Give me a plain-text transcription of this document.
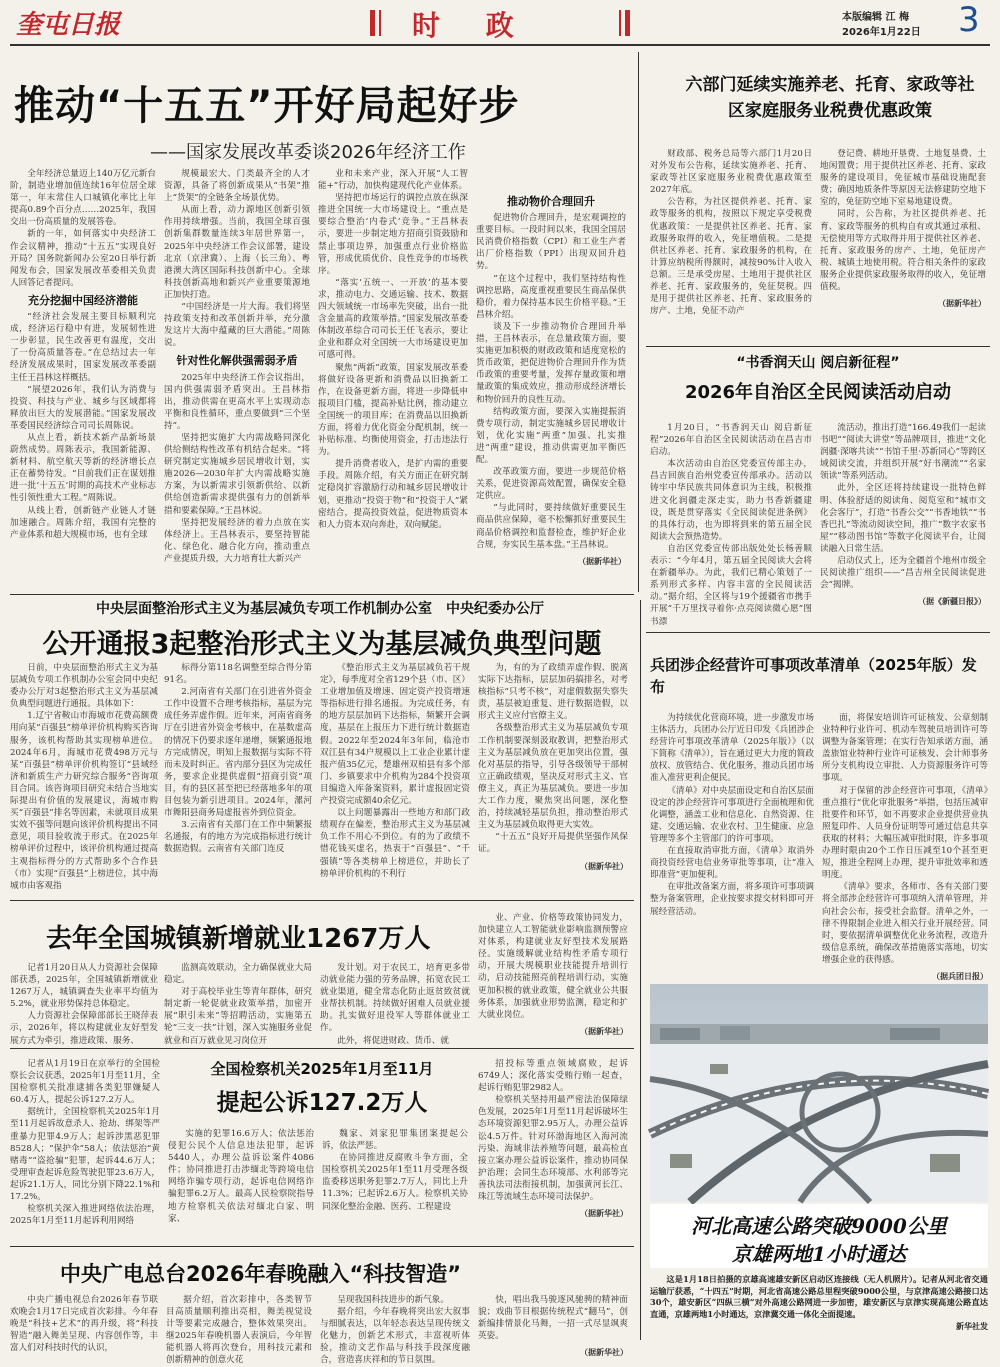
奎屯日报	时 政	本版编辑 江 梅
2026年1月22日 3
推动“十五五”开好局起好步
——国家发展改革委谈2026年经济工作

全年经济总量迈上140万亿元新台阶，制造业增加值连续16年位居全球第一，年末常住人口城镇化率比上年提高0.89个百分点……2025年，我国交出一份高质量的发展答卷。

新的一年，如何落实中央经济工作会议精神，推动“十五五”实现良好开局？国务院新闻办公室20日举行新闻发布会，国家发展改革委相关负责人回答记者提问。

充分挖掘中国经济潜能

“经济社会发展主要目标顺利完成，经济运行稳中有进，发展韧性进一步彰显，民生改善更有温度，交出了一份高质量答卷。”在总结过去一年经济发展成果时，国家发展改革委副主任王昌林这样概括。

“展望2026年，我们认为消费与投资、科技与产业、城乡与区域都将释放出巨大的发展潜能。”国家发展改革委国民经济综合司司长周陈说。

从点上看，新技术新产品新场景蔚然成势。周陈表示，我国新能源、新材料、航空航天等新的经济增长点正在蓄势待发。“目前我们正在谋划推进一批‘十五五’时期的高技术产业标志性引领性重大工程。”周陈说。

从线上看，创新链产业链人才链加速融合。周陈介绍，我国有完整的产业体系和超大规模市场，也有全球

规模最宏大、门类最齐全的人才资源，具备了将创新成果从“书架”推上“货架”的全链条全场景优势。

从面上看，动力源地区创新引领作用持续增强。当前，我国全球百强创新集群数量连续3年居世界第一，2025年中央经济工作会议部署，建设北京（京津冀）、上海（长三角）、粤港澳大湾区国际科技创新中心。全球科技创新高地和新兴产业重要策源地正加快打造。

“中国经济是一片大海。我们将坚持政策支持和改革创新并举，充分激发这片大海中蕴藏的巨大潜能。”周陈说。

针对性化解供强需弱矛盾

2025年中央经济工作会议指出，国内供强需弱矛盾突出。王昌林指出，推动供需在更高水平上实现动态平衡和良性循环，重点要做到“三个坚持”。

坚持把实施扩大内需战略同深化供给侧结构性改革有机结合起来。“将研究制定实施城乡居民增收计划，实施2026—2030年扩大内需战略实施方案，为以新需求引领新供给、以新供给创造新需求提供强有力的创新举措和要素保障。”王昌林说。

坚持把发展经济的着力点放在实体经济上。王昌林表示，要坚持智能化、绿色化、融合化方向，推动重点产业提质升级，大力培育壮大新兴产

业和未来产业，深入开展“人工智能+”行动，加快构建现代化产业体系。

坚持把市场运行的调控点放在纵深推进全国统一大市场建设上。“重点是要综合整治‘内卷式’竞争。”王昌林表示，要进一步制定地方招商引资鼓励和禁止事项边界，加强重点行业价格监管，形成优质优价、良性竞争的市场秩序。

“落实‘五统一、一开放’的基本要求，推动电力、交通运输、技术、数据四大领域统一市场率先突破，出台一批含金量高的政策举措。”国家发展改革委体制改革综合司司长王任飞表示，要让企业和群众对全国统一大市场建设更加可感可得。

聚焦“两新”政策，国家发展改革委将做好设备更新和消费品以旧换新工作，在设备更新方面，将进一步降低申报项目门槛，提高补贴比例，推动建立全国统一的项目库；在消费品以旧换新方面，将着力优化资金分配机制，统一补贴标准、均衡使用资金，打击违法行为。

提升消费者收入，是扩内需的重要手段。周陈介绍，有关方面正在研究制定稳岗扩容激励行动和城乡居民增收计划，更推动“投资于物”和“投资于人”紧密结合，提高投资效益，促进物质资本和人力资本双向奔赴，双向赋能。

推动物价合理回升

促进物价合理回升，是宏观调控的重要目标。一段时间以来，我国全国居民消费价格指数（CPI）和工业生产者出厂价格指数（PPI）出现双回升趋势。

“在这个过程中，我们坚持结构性调控思路，高度重视重要民生商品保供稳价，着力保持基本民生价格平稳。”王昌林介绍。

谈及下一步推动物价合理回升举措，王昌林表示，在总量政策方面，要实施更加积极的财政政策和适度宽松的货币政策，把促进物价合理回升作为货币政策的重要考量，发挥存量政策和增量政策的集成效应，推动形成经济增长和物价回升的良性互动。

结构政策方面，要深入实施提振消费专项行动，制定实施城乡居民增收计划，优化实施“两重”加强、扎实推进“两重”建设，推动供需更加平衡匹配。

改革政策方面，要进一步规范价格关系，促进资源高效配置，确保安全稳定供应。

“与此同时，要持续做好重要民生商品供应保障，毫不松懈抓好重要民生商品价格调控和监督检查，维护好企业合规，夯实民生基本盘。”王昌林说。

（据新华社）
六部门延续实施养老、托育、家政等社区家庭服务业税费优惠政策

财政部、税务总局等六部门1月20日对外发布公告称，延续实施养老、托育、家政等社区家庭服务业税费优惠政策至2027年底。

公告称，为社区提供养老、托育、家政等服务的机构，按照以下规定享受税费优惠政策：一是提供社区养老、托育、家政服务取得的收入，免征增值税。二是提供社区养老、托育、家政服务的机构，在计算应纳税所得额时，减按90%计入收入总额。三是承受房屋、土地用于提供社区养老、托育、家政服务的，免征契税。四是用于提供社区养老、托育、家政服务的房产、土地，免征不动产

登记费、耕地开垦费、土地复垦费、土地闲置费；用于提供社区养老、托育、家政服务的建设项目，免征城市基础设施配套费；确因地质条件等原因无法修建防空地下室的，免征防空地下室易地建设费。

同时，公告称，为社区提供养老、托育、家政等服务的机构自有或其通过承租、无偿使用等方式取得并用于提供社区养老、托育、家政服务的房产、土地，免征房产税、城镇土地使用税。符合相关条件的家政服务企业提供家政服务取得的收入，免征增值税。

（据新华社）
“书香润天山 阅启新征程”
2026年自治区全民阅读活动启动

1月20日，“书香润天山 阅启新征程”2026年自治区全民阅读活动在昌吉市启动。

本次活动由自治区党委宣传部主办，昌吉回族自治州党委宣传部承办。活动以铸牢中华民族共同体意识为主线，积极推进文化润疆走深走实，助力书香新疆建设，既是贯穿落实《全民阅读促进条例》的具体行动，也为即将到来的第五届全民阅读大会预热造势。

自治区党委宣传部出版处处长杨善顺表示：“今年4月，第五届全民阅读大会将在新疆举办。为此，我们已精心策划了一系列形式多样、内容丰富的全民阅读活动。”据介绍，全区将与19个援疆省市携手开展“千万里找寻着你·点亮阅读微心愿”图书漂

流活动，推出打造“166.49我们一起读书吧”“阅读大讲堂”等品牌项目，推进“文化润疆·深喀共读”“书馆千里·苏新同心”等跨区域阅读交流，并组织开展“好书潮流”“名家领读”等系列活动。

此外，全区还将持续建设一批特色鲜明、体验舒适的阅读角、阅览室和“城市文化会客厅”，打造“书香公交”“书香地铁”“书香巴扎”等流动阅读空间，推广“数字农家书屋”“移动图书馆”等数字化阅读平台，让阅读融入日常生活。

启动仪式上，还为全疆首个地州市级全民阅读推广组织——“昌吉州全民阅读促进会”揭牌。

（据《新疆日报》）
中央层面整治形式主义为基层减负专项工作机制办公室　中央纪委办公厅
公开通报3起整治形式主义为基层减负典型问题

日前，中央层面整治形式主义为基层减负专项工作机制办公室会同中央纪委办公厅对3起整治形式主义为基层减负典型问题进行通报。具体如下：

1.辽宁省鞍山市海城市花费高额费用向某“百强县”榜单评价机构购买咨询服务，该机构帮助其实现榜单进位。2024年6月，海城市花费498万元与某“百强县”榜单评价机构签订“县域经济和新质生产力研究综合服务”咨询项目合同。该咨询项目研究未结合当地实际提出有价值的发展建议，海城市购买“百强县”排名等因素，未就项目成果实效不强等问题向该评价机构提出不同意见，项目验收流于形式。在2025年榜单评价过程中，该评价机构通过提高主观指标得分的方式帮助多个合作县（市）实现“百强县”上榜进位，其中海城市由客观指

标得分第118名调整至综合得分第91名。

2.河南省有关部门在引进省外资金工作中设置不合理考核指标，基层为完成任务弄虚作假。近年来，河南省商务厅在引进省外资金考核中，在基数虚高的情况下仍要求逐年递增，频繁通报地方完成情况，明知上报数据与实际不符而未及时纠正。省内部分县区为完成任务，要求企业提供虚假“招商引资”项目，有的县区甚至把已经落地多年的项目包装为新引进项目。2024年，漯河市舞阳县商务局虚报省外到位资金。

3.云南省有关部门在工作中频繁报名通报，有的地方为完成指标进行统计数据造假。云南省有关部门连反

《整治形式主义为基层减负若干规定》，每季度对全省129个县（市、区）工业增加值及增速、固定资产投资增速等指标进行排名通报。为完成任务，有的地方层层加码下达指标，频繁开会调度，基层在上报压力下进行统计数据造假。2022年至2024年3年间，临沧市双江县有34户规模以上工业企业累计虚报产值35亿元，楚雄州双柏县有多个部门、乡镇要求中介机构为284个投资项目编造入库备案资料，累计虚报固定资产投资完成额40余亿元。

以上问题暴露出一些地方和部门政绩观存在偏差，整治形式主义为基层减负工作不用心不到位。有的为了政绩不惜花钱买虚名，热衷于“百强县”、“千强镇”等各类榜单上榜进位，并助长了榜单评价机构的不利行

为，有的为了政绩弄虚作假、脱离实际下达指标，层层加码搞排名，对考核指标“只考不核”，对虚假数据失察失责，基层被迫重复、进行数据造假，以形式主义应付官僚主义。

各级整治形式主义为基层减负专项工作机制要深刻汲取教训，把整治形式主义为基层减负放在更加突出位置，强化对基层的指导，引导各级领导干部树立正确政绩观，坚决反对形式主义、官僚主义，真正为基层减负。要进一步加大工作力度，聚焦突出问题，深化整治，持续减轻基层负担，推动整治形式主义为基层减负取得更大实效。

“十五五”良好开局提供坚强作风保证。

（据新华社）
兵团涉企经营许可事项改革清单（2025年版）发布

为持续优化营商环境，进一步激发市场主体活力，兵团办公厅近日印发《兵团涉企经营许可事项改革清单（2025年版）》（以下简称《清单》），旨在通过更大力度的简政放权、放管结合、优化服务，推动兵团市场准入准营更利企便民。

《清单》对中央层面设定和自治区层面设定的涉企经营许可事项进行全面梳理和优化调整，涵盖工业和信息化、自然资源、住建、交通运输、农业农村、卫生健康、应急管理等多个主管部门的许可事项。

在直接取消审批方面，《清单》取消外商投资经营电信业务审批等事项，让“准入即准营”更加便利。

在审批改备案方面，将多项许可事项调整为备案管理，企业按要求提交材料即可开展经营活动。

面，将保安培训许可证核发、公章刻制业特种行业许可、机动车驾驶员培训许可等调整为备案管理；在实行告知承诺方面，涵盖旅馆业特种行业许可证核发、会计师事务所分支机构设立审批、人力资源服务许可等事项。

对于保留的涉企经营许可事项，《清单》重点推行“优化审批服务”举措，包括压减审批要件和环节，如不再要求企业提供营业执照复印件、人员身份证明等可通过信息共享获取的材料；大幅压减审批时限，许多事项办理时限由20个工作日压减至10个甚至更短，推进全程网上办理，提升审批效率和透明度。

《清单》要求，各师市、各有关部门要将全部涉企经营许可事项纳入清单管理，并向社会公布，接受社会监督。清单之外，一律不得限制企业进入相关行业开展经营。同时，要依据清单调整优化业务流程，改造升级信息系统，确保改革措施落实落地，切实增强企业的获得感。

（据兵团日报）
去年全国城镇新增就业1267万人

记者1月20日从人力资源社会保障部获悉，2025年，全国城镇新增就业1267万人，城镇调查失业率平均值为5.2%，就业形势保持总体稳定。

人力资源社会保障部部长王晓萍表示，2026年，将以构建就业友好型发展方式为牵引，推进政策、服务、

监测高效联动，全力确保就业大局稳定。

对于高校毕业生等青年群体，研究制定新一轮促就业政策举措，加密开展“职引未来”等招聘活动，实施第五轮“三支一扶”计划，深入实施服务业促就业和百万就业见习岗位开

发计划。对于农民工，培育更多带动就业能力强的劳务品牌，拓宽农民工就业渠道，健全常态化防止返贫致贫就业帮扶机制。持续做好困难人员就业援助。扎实做好退役军人等群体就业工作。

此外，将促进财政、货币、就

业、产业、价格等政策协同发力，加快建立人工智能就业影响监测预警应对体系，构建就业友好型技术发展路径。实施缓解就业结构性矛盾专项行动，开展大规模职业技能提升培训行动，启动技能照亮前程培训行动，实施更加积极的就业政策，健全就业公共服务体系，加强就业形势监测，稳定和扩大就业岗位。

（据新华社）

记者从1月19日在京举行的全国检察长会议获悉，2025年1月至11月，全国检察机关批准逮捕各类犯罪嫌疑人60.4万人，提起公诉127.2万人。

据统计，全国检察机关2025年1月至11月起诉故意杀人、抢劫、绑架等严重暴力犯罪4.9万人；起诉涉黑恶犯罪8528人；“保护伞”58人；依法惩治“黄赌毒”“盗抢骗”犯罪，起诉44.6万人；受理审查起诉危险驾驶犯罪23.6万人，起诉21.1万人，同比分别下降22.1%和17.2%。

检察机关深入推进网络依法治理，2025年1月至11月起诉利用网络

全国检察机关2025年1月至11月
提起公诉127.2万人

实施的犯罪16.6万人；依法惩治侵犯公民个人信息违法犯罪，起诉5440人，办理公益诉讼案件4086件；协同推进打击涉缅北等跨境电信网络诈骗专项行动，起诉电信网络诈骗犯罪6.2万人。最高人民检察院指导地方检察机关依法对缅北白家、明家、

魏家、刘家犯罪集团案提起公诉，依法严惩。

在协同推进反腐败斗争方面，全国检察机关2025年1至11月受理各级监委移送职务犯罪2.7万人，同比上升11.3%；已起诉2.6万人。检察机关协同深化整治金融、医药、工程建设

招投标等重点领域腐败，起诉6749人；深化落实受贿行贿一起查，起诉行贿犯罪2982人。

检察机关坚持用最严密法治保障绿色发展，2025年1月至11月起诉破坏生态环境资源犯罪2.95万人，办理公益诉讼4.5万件。针对环渤海地区入海河流污染、海域非法养殖等问题，最高检直接立案办理公益诉讼案件，推动协同保护治理；会同生态环境部、水利部等完善执法司法衔接机制，加强黄河长江、珠江等流域生态环境司法保护。

（据新华社）
中央广电总台2026年春晚融入“科技智造”

中央广播电视总台2026年春节联欢晚会1月17日完成首次彩排。今年春晚是“科技+艺术”的再升级，将“科技智造”融入舞美呈现、内容创作等，丰富人们对科技时代的认识，

据介绍，首次彩排中，各类智节目高质量顺利推出亮相，舞美视觉设计等要素完成融合，整体效果突出。继2025年春晚机器人表演后，今年智能机器人将再次登台，用科技元素和创新精神的创意火花

呈现我国科技进步的新气象。

据介绍，今年春晚将突出宏大叙事与细腻表达，以年轻态表达呈现传统文化魅力，创新艺术形式，丰富视听体验，推动文艺作品与科技手段深度融合，营造喜庆祥和的节日氛围。

快，唱出我马骏逐风驰骋的精神面貌；戏曲节目根据传统程式“翻马”，创新编排情景化马舞，一招一式尽显飒爽英姿。

（据新华社）
河北高速公路突破9000公里
京雄两地1小时通达

这是1月18日拍摄的京雄高速雄安新区启动区连接线（无人机照片）。记者从河北省交通运输厅获悉，“十四五”时期，河北省高速公路总里程突破9000公里，与京津高速公路接口达30个，雄安新区“四纵三横”对外高速公路网进一步加密，雄安新区与京津实现高速公路直达直通，京雄两地1小时通达，京津冀交通一体化全面提速。

新华社发
